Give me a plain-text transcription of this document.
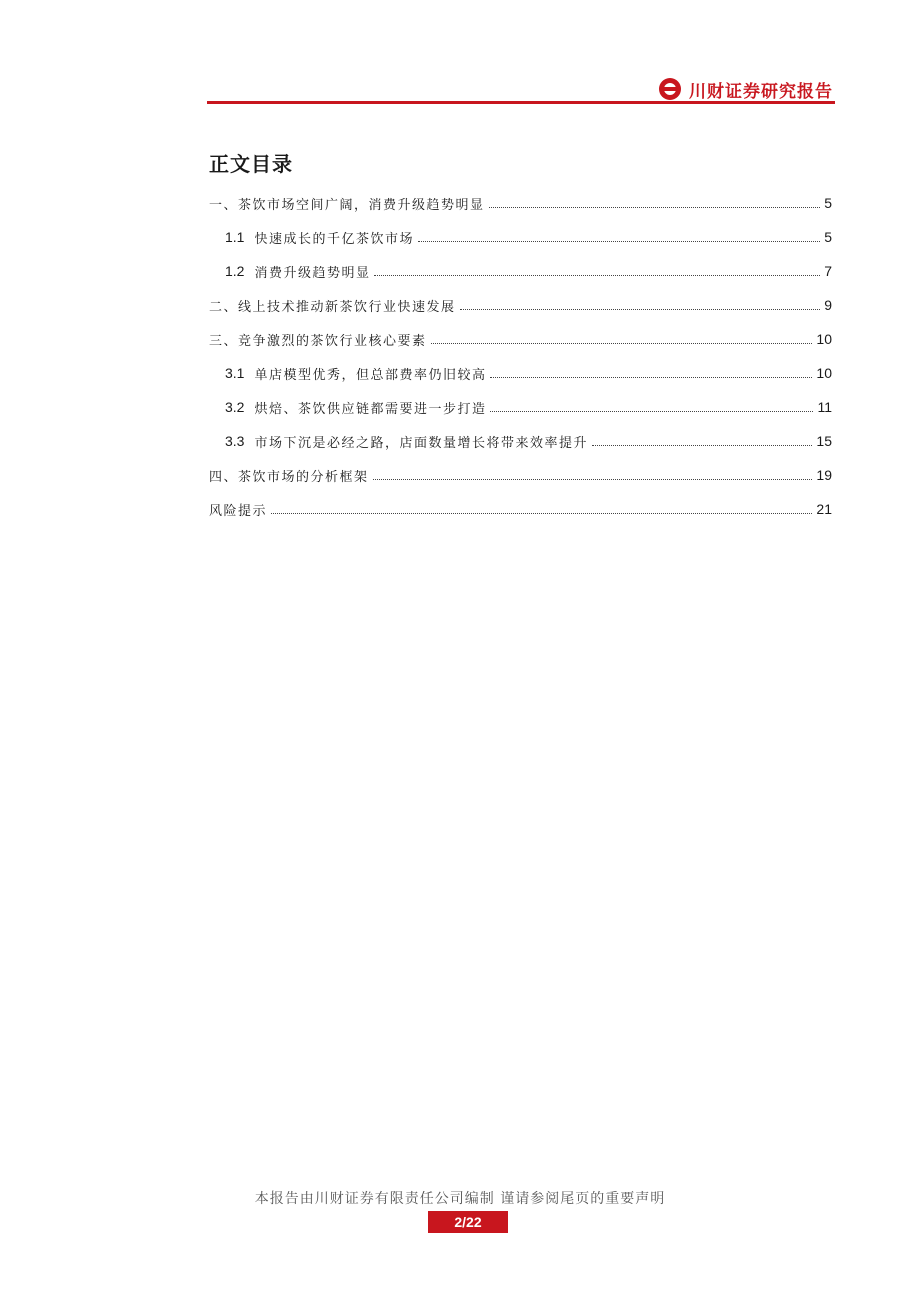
川财证券研究报告
正文目录
一、茶饮市场空间广阔，消费升级趋势明显	5
1.1 快速成长的千亿茶饮市场	5
1.2 消费升级趋势明显	7
二、线上技术推动新茶饮行业快速发展	9
三、竞争激烈的茶饮行业核心要素	10
3.1 单店模型优秀，但总部费率仍旧较高	10
3.2 烘焙、茶饮供应链都需要进一步打造	11
3.3 市场下沉是必经之路，店面数量增长将带来效率提升	15
四、茶饮市场的分析框架	19
风险提示	21
本报告由川财证券有限责任公司编制 谨请参阅尾页的重要声明
2/22
